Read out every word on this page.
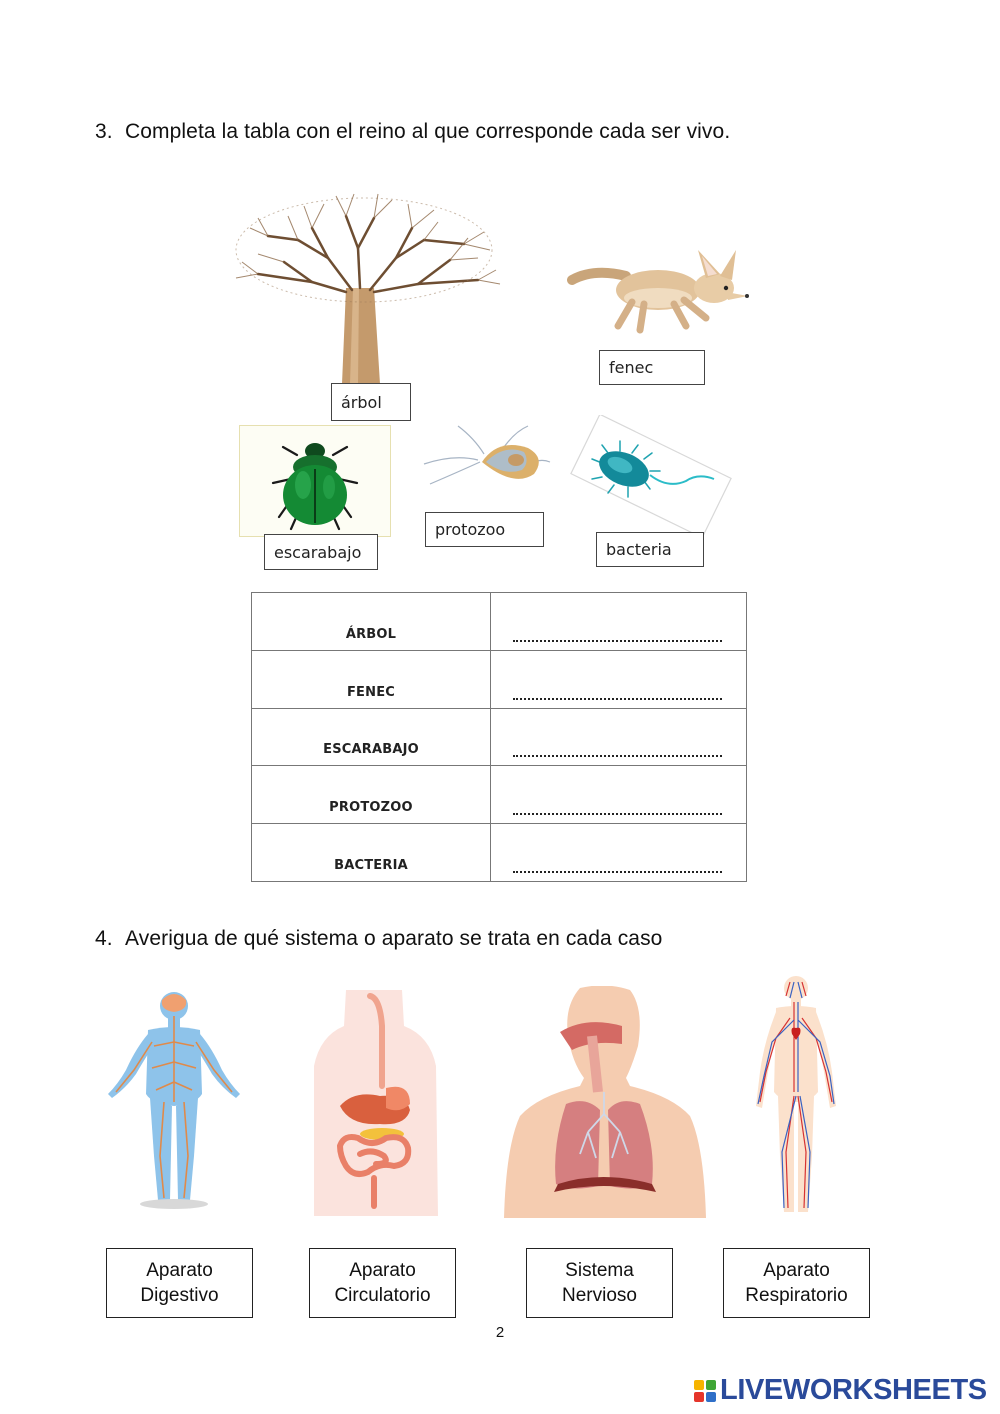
3. Completa la tabla con el reino al que corresponde cada ser vivo.
árbol
fenec
escarabajo
protozoo
bacteria
ÁRBOL	

FENEC	

ESCARABAJO	

PROTOZOO	

BACTERIA	
4. Averigua de qué sistema o aparato se trata en cada caso
Aparato
Digestivo
Aparato
Circulatorio
Sistema
Nervioso
Aparato
Respiratorio
2
LIVEWORKSHEETS
